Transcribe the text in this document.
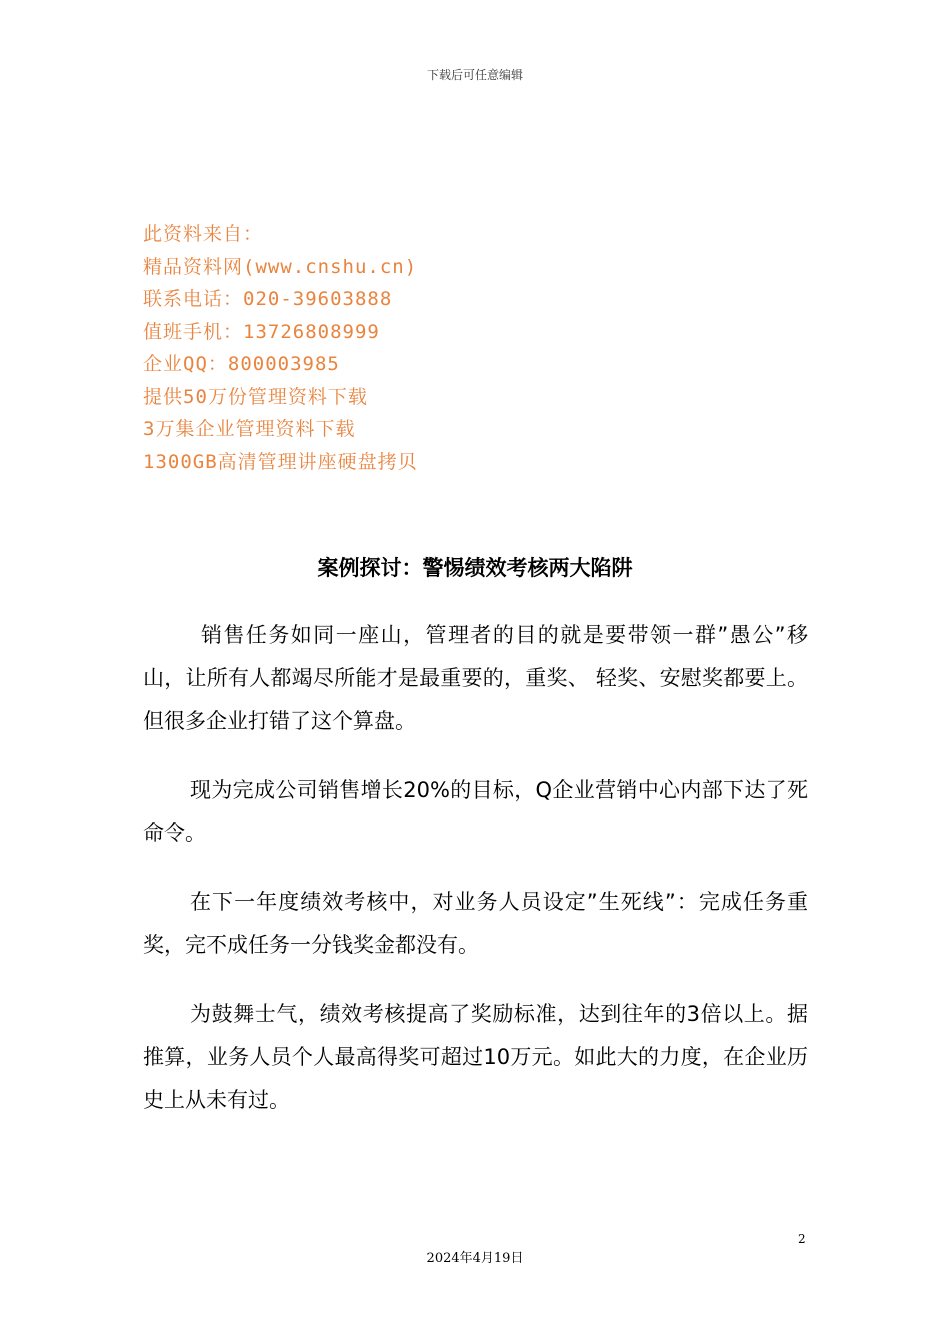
下载后可任意编辑
此资料来自：
精品资料网(www.cnshu.cn)
联系电话：020-39603888
值班手机：13726808999
企业QQ：800003985
提供50万份管理资料下载
3万集企业管理资料下载
1300GB高清管理讲座硬盘拷贝
案例探讨：警惕绩效考核两大陷阱

销售任务如同一座山，管理者的目的就是要带领一群”愚公”移山，让所有人都竭尽所能才是最重要的，重奖、 轻奖、安慰奖都要上。但很多企业打错了这个算盘。

现为完成公司销售增长20%的目标，Q企业营销中心内部下达了死命令。

在下一年度绩效考核中，对业务人员设定”生死线”：完成任务重奖，完不成任务一分钱奖金都没有。

为鼓舞士气，绩效考核提高了奖励标准，达到往年的3倍以上。据推算，业务人员个人最高得奖可超过10万元。如此大的力度，在企业历史上从未有过。

2
2024年4月19日
